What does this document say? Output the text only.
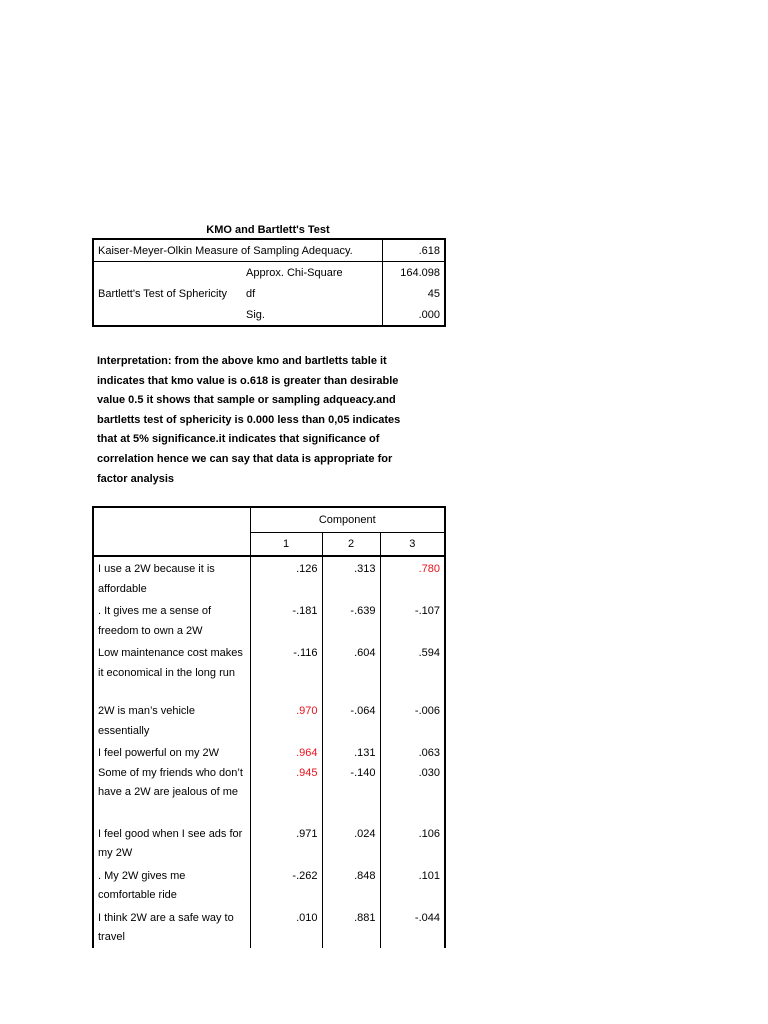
KMO and Bartlett's Test
Kaiser-Meyer-Olkin Measure of Sampling Adequacy.		.618
	Approx. Chi-Square	164.098
Bartlett's Test of Sphericity	df	45
	Sig.	.000

Interpretation: from the above kmo and bartletts table it

indicates that kmo value is o.618 is greater than desirable

value 0.5 it shows that sample or sampling adqueacy.and

bartletts test of sphericity is 0.000 less than 0,05 indicates

that at 5% significance.it indicates that significance of

correlation hence we can say that data is appropriate for

factor analysis

	Component		
	1	2	3
I use a 2W because it is affordable	.126	.313	.780
. It gives me a sense of freedom to own a 2W	-.181	-.639	-.107
Low maintenance cost makes it economical in the long run	-.116	.604	.594
2W is man’s vehicle essentially	.970	-.064	-.006
I feel powerful on my 2W	.964	.131	.063
Some of my friends who don’t have a 2W are jealous of me	.945	-.140	.030
I feel good when I see ads for my 2W	.971	.024	.106
. My 2W gives me comfortable ride	-.262	.848	.101
I think 2W are a safe way to travel	.010	.881	-.044
